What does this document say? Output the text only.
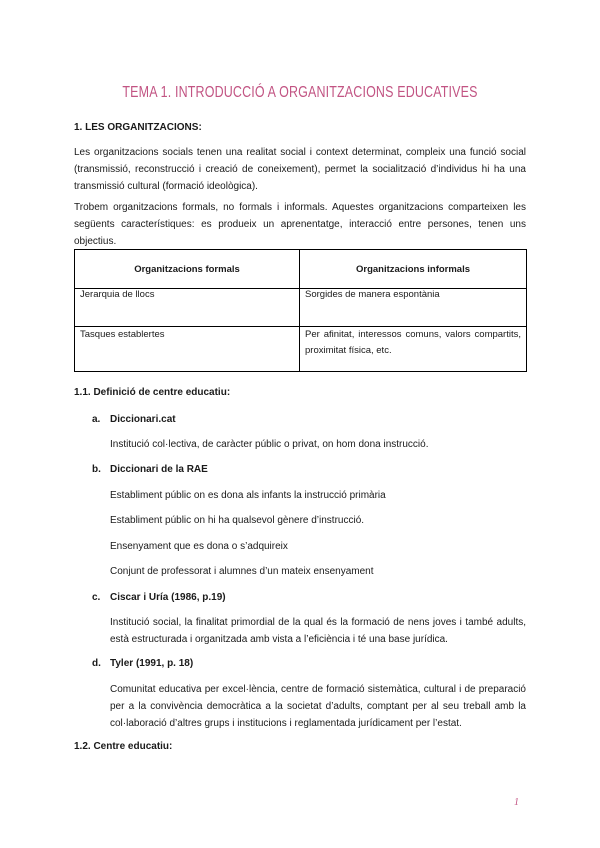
TEMA 1. INTRODUCCIÓ A ORGANITZACIONS EDUCATIVES
1. LES ORGANITZACIONS:
Les organitzacions socials tenen una realitat social i context determinat, compleix una funció social (transmissió, reconstrucció i creació de coneixement), permet la socialització d’individus hi ha una transmissió cultural (formació ideològica).
Trobem organitzacions formals, no formals i informals. Aquestes organitzacions comparteixen les següents característiques: es produeix un aprenentatge, interacció entre persones, tenen uns objectius.
Organitzacions formals	Organitzacions informals
Jerarquia de llocs	Sorgides de manera espontània
Tasques establertes	Per afinitat, interessos comuns, valors compartits, proximitat física, etc.
1.1. Definició de centre educatiu:
a. Diccionari.cat
Institució col·lectiva, de caràcter públic o privat, on hom dona instrucció.
b. Diccionari de la RAE
Establiment públic on es dona als infants la instrucció primària
Establiment públic on hi ha qualsevol gènere d’instrucció.
Ensenyament que es dona o s’adquireix
Conjunt de professorat i alumnes d’un mateix ensenyament
c. Ciscar i Uría (1986, p.19)
Institució social, la finalitat primordial de la qual és la formació de nens joves i també adults, està estructurada i organitzada amb vista a l’eficiència i té una base jurídica.
d. Tyler (1991, p. 18)
Comunitat educativa per excel·lència, centre de formació sistemàtica, cultural i de preparació per a la convivència democràtica a la societat d’adults, comptant per al seu treball amb la col·laboració d’altres grups i institucions i reglamentada jurídicament per l’estat.
1.2. Centre educatiu:
1
